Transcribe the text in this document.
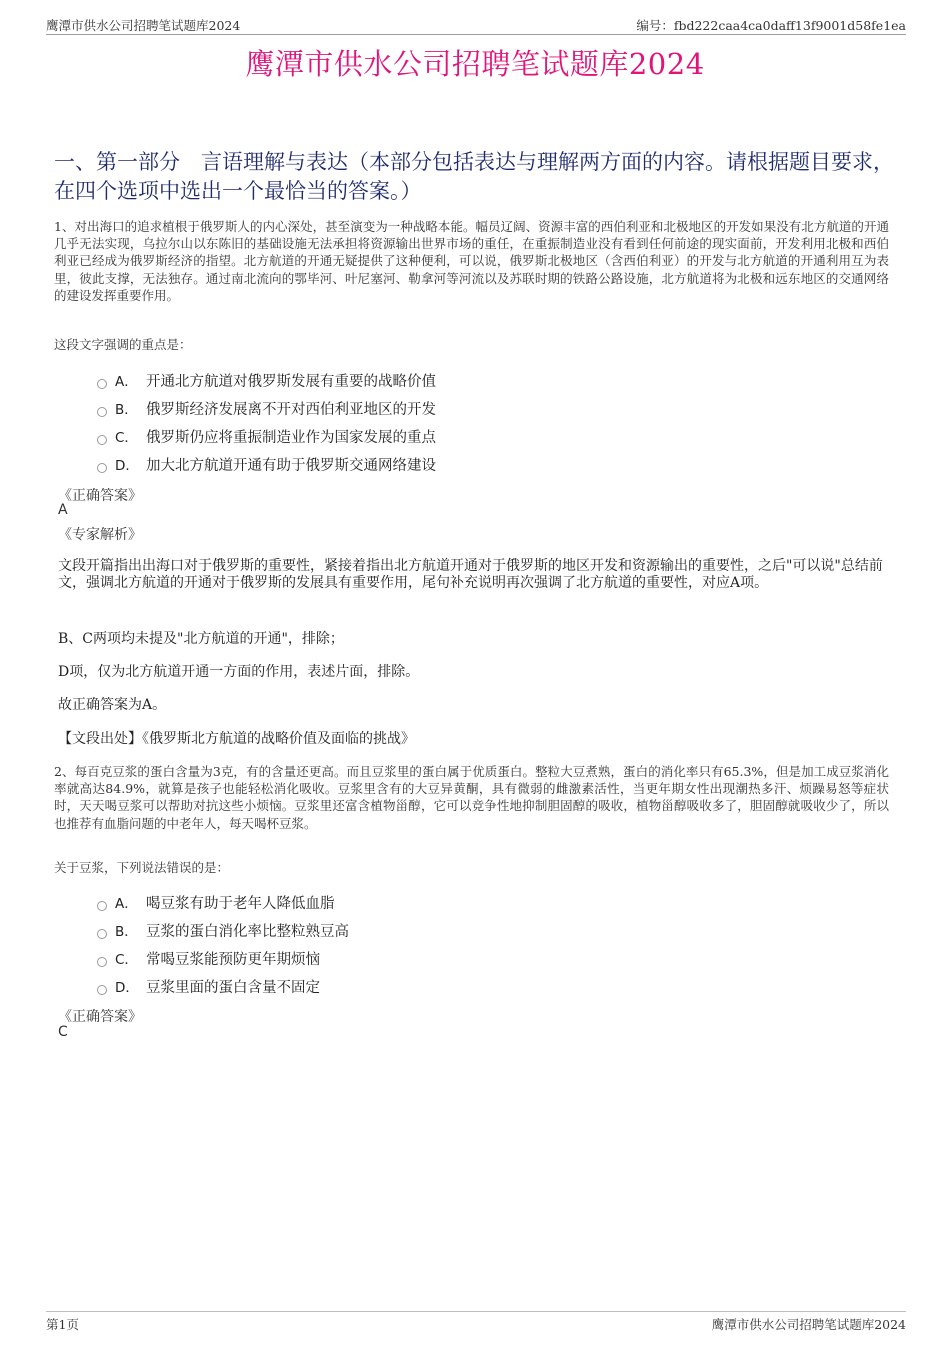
鹰潭市供水公司招聘笔试题库2024	编号：fbd222caa4ca0daff13f9001d58fe1ea
鹰潭市供水公司招聘笔试题库2024
一、第一部分　言语理解与表达（本部分包括表达与理解两方面的内容。请根据题目要求，在四个选项中选出一个最恰当的答案。）
1、对出海口的追求植根于俄罗斯人的内心深处，甚至演变为一种战略本能。幅员辽阔、资源丰富的西伯利亚和北极地区的开发如果没有北方航道的开通几乎无法实现，乌拉尔山以东陈旧的基础设施无法承担将资源输出世界市场的重任，在重振制造业没有看到任何前途的现实面前，开发利用北极和西伯利亚已经成为俄罗斯经济的指望。北方航道的开通无疑提供了这种便利，可以说，俄罗斯北极地区（含西伯利亚）的开发与北方航道的开通利用互为表里，彼此支撑，无法独存。通过南北流向的鄂毕河、叶尼塞河、勒拿河等河流以及苏联时期的铁路公路设施，北方航道将为北极和远东地区的交通网络的建设发挥重要作用。
这段文字强调的重点是：
A． 开通北方航道对俄罗斯发展有重要的战略价值
B． 俄罗斯经济发展离不开对西伯利亚地区的开发
C． 俄罗斯仍应将重振制造业作为国家发展的重点
D． 加大北方航道开通有助于俄罗斯交通网络建设
《正确答案》
A
《专家解析》
文段开篇指出出海口对于俄罗斯的重要性，紧接着指出北方航道开通对于俄罗斯的地区开发和资源输出的重要性，之后"可以说"总结前文，强调北方航道的开通对于俄罗斯的发展具有重要作用，尾句补充说明再次强调了北方航道的重要性，对应A项。
B、C两项均未提及"北方航道的开通"，排除；
D项，仅为北方航道开通一方面的作用，表述片面，排除。
故正确答案为A。
【文段出处】《俄罗斯北方航道的战略价值及面临的挑战》
2、每百克豆浆的蛋白含量为3克，有的含量还更高。而且豆浆里的蛋白属于优质蛋白。整粒大豆煮熟，蛋白的消化率只有65.3%，但是加工成豆浆消化率就高达84.9%，就算是孩子也能轻松消化吸收。豆浆里含有的大豆异黄酮，具有微弱的雌激素活性，当更年期女性出现潮热多汗、烦躁易怒等症状时，天天喝豆浆可以帮助对抗这些小烦恼。豆浆里还富含植物甾醇，它可以竞争性地抑制胆固醇的吸收，植物甾醇吸收多了，胆固醇就吸收少了，所以也推荐有血脂问题的中老年人，每天喝杯豆浆。
关于豆浆，下列说法错误的是：
A． 喝豆浆有助于老年人降低血脂
B． 豆浆的蛋白消化率比整粒熟豆高
C． 常喝豆浆能预防更年期烦恼
D． 豆浆里面的蛋白含量不固定
《正确答案》
C
第1页	鹰潭市供水公司招聘笔试题库2024
